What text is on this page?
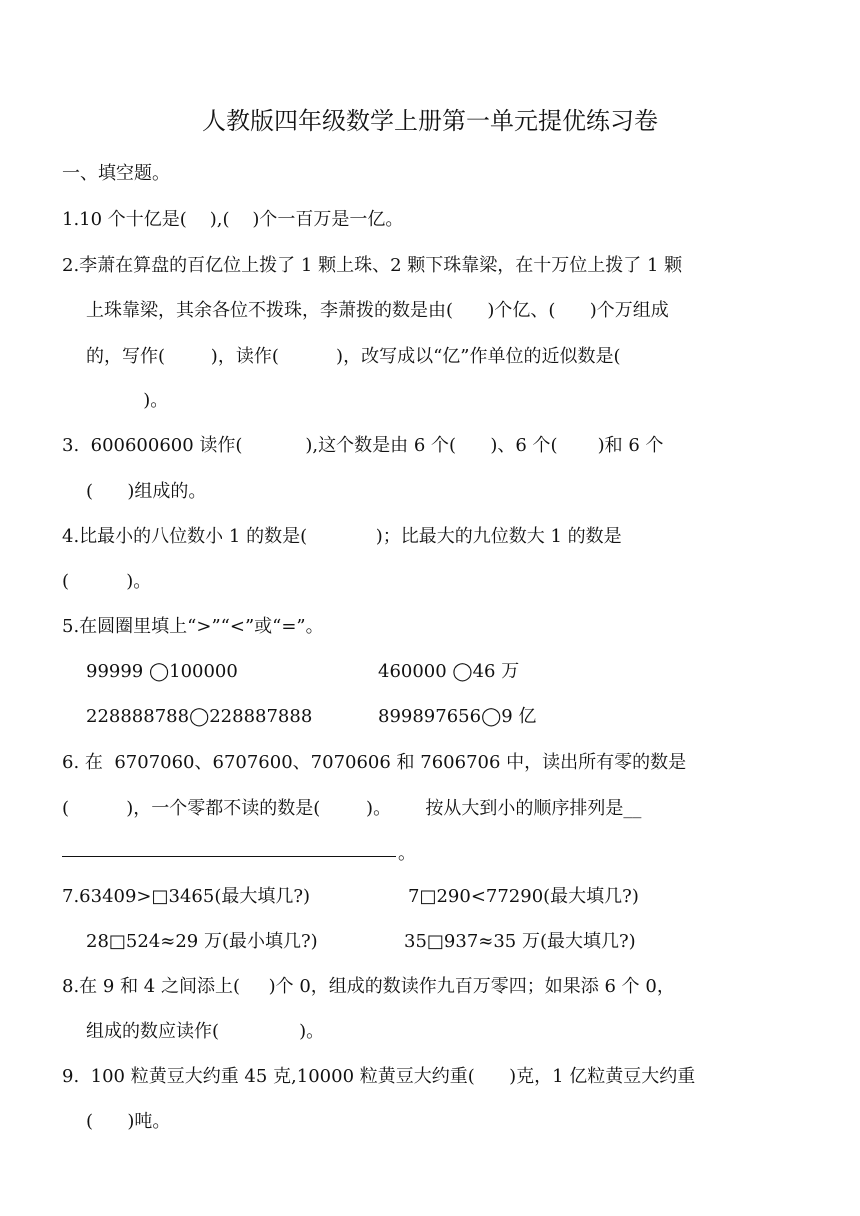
人教版四年级数学上册第一单元提优练习卷
一、填空题。
1.10 个十亿是(    ),(    )个一百万是一亿。
2.李萧在算盘的百亿位上拨了 1 颗上珠、2 颗下珠靠梁，在十万位上拨了 1 颗
上珠靠梁，其余各位不拨珠，李萧拨的数是由(      )个亿、(      )个万组成
的，写作(        )，读作(          )，改写成以“亿”作单位的近似数是(
)。
3.  600600600 读作(           ),这个数是由 6 个(      )、6 个(       )和 6 个
(      )组成的。
4.比最小的八位数小 1 的数是(            )；比最大的九位数大 1 的数是
(          )。
5.在圆圈里填上“>”“<”或“=”。
99999 ◯100000	460000 ◯46 万
228888788◯228887888	899897656◯9 亿
6. 在  6707060、6707600、7070606 和 7606706 中，读出所有零的数是
(          )，一个零都不读的数是(        )。      按从大到小的顺序排列是__
。
7.63409>□3465(最大填几?)	7□290<77290(最大填几?)
28□524≈29 万(最小填几?)	35□937≈35 万(最大填几?)
8.在 9 和 4 之间添上(     )个 0，组成的数读作九百万零四；如果添 6 个 0，
组成的数应读作(              )。
9.  100 粒黄豆大约重 45 克,10000 粒黄豆大约重(      )克，1 亿粒黄豆大约重
(      )吨。
